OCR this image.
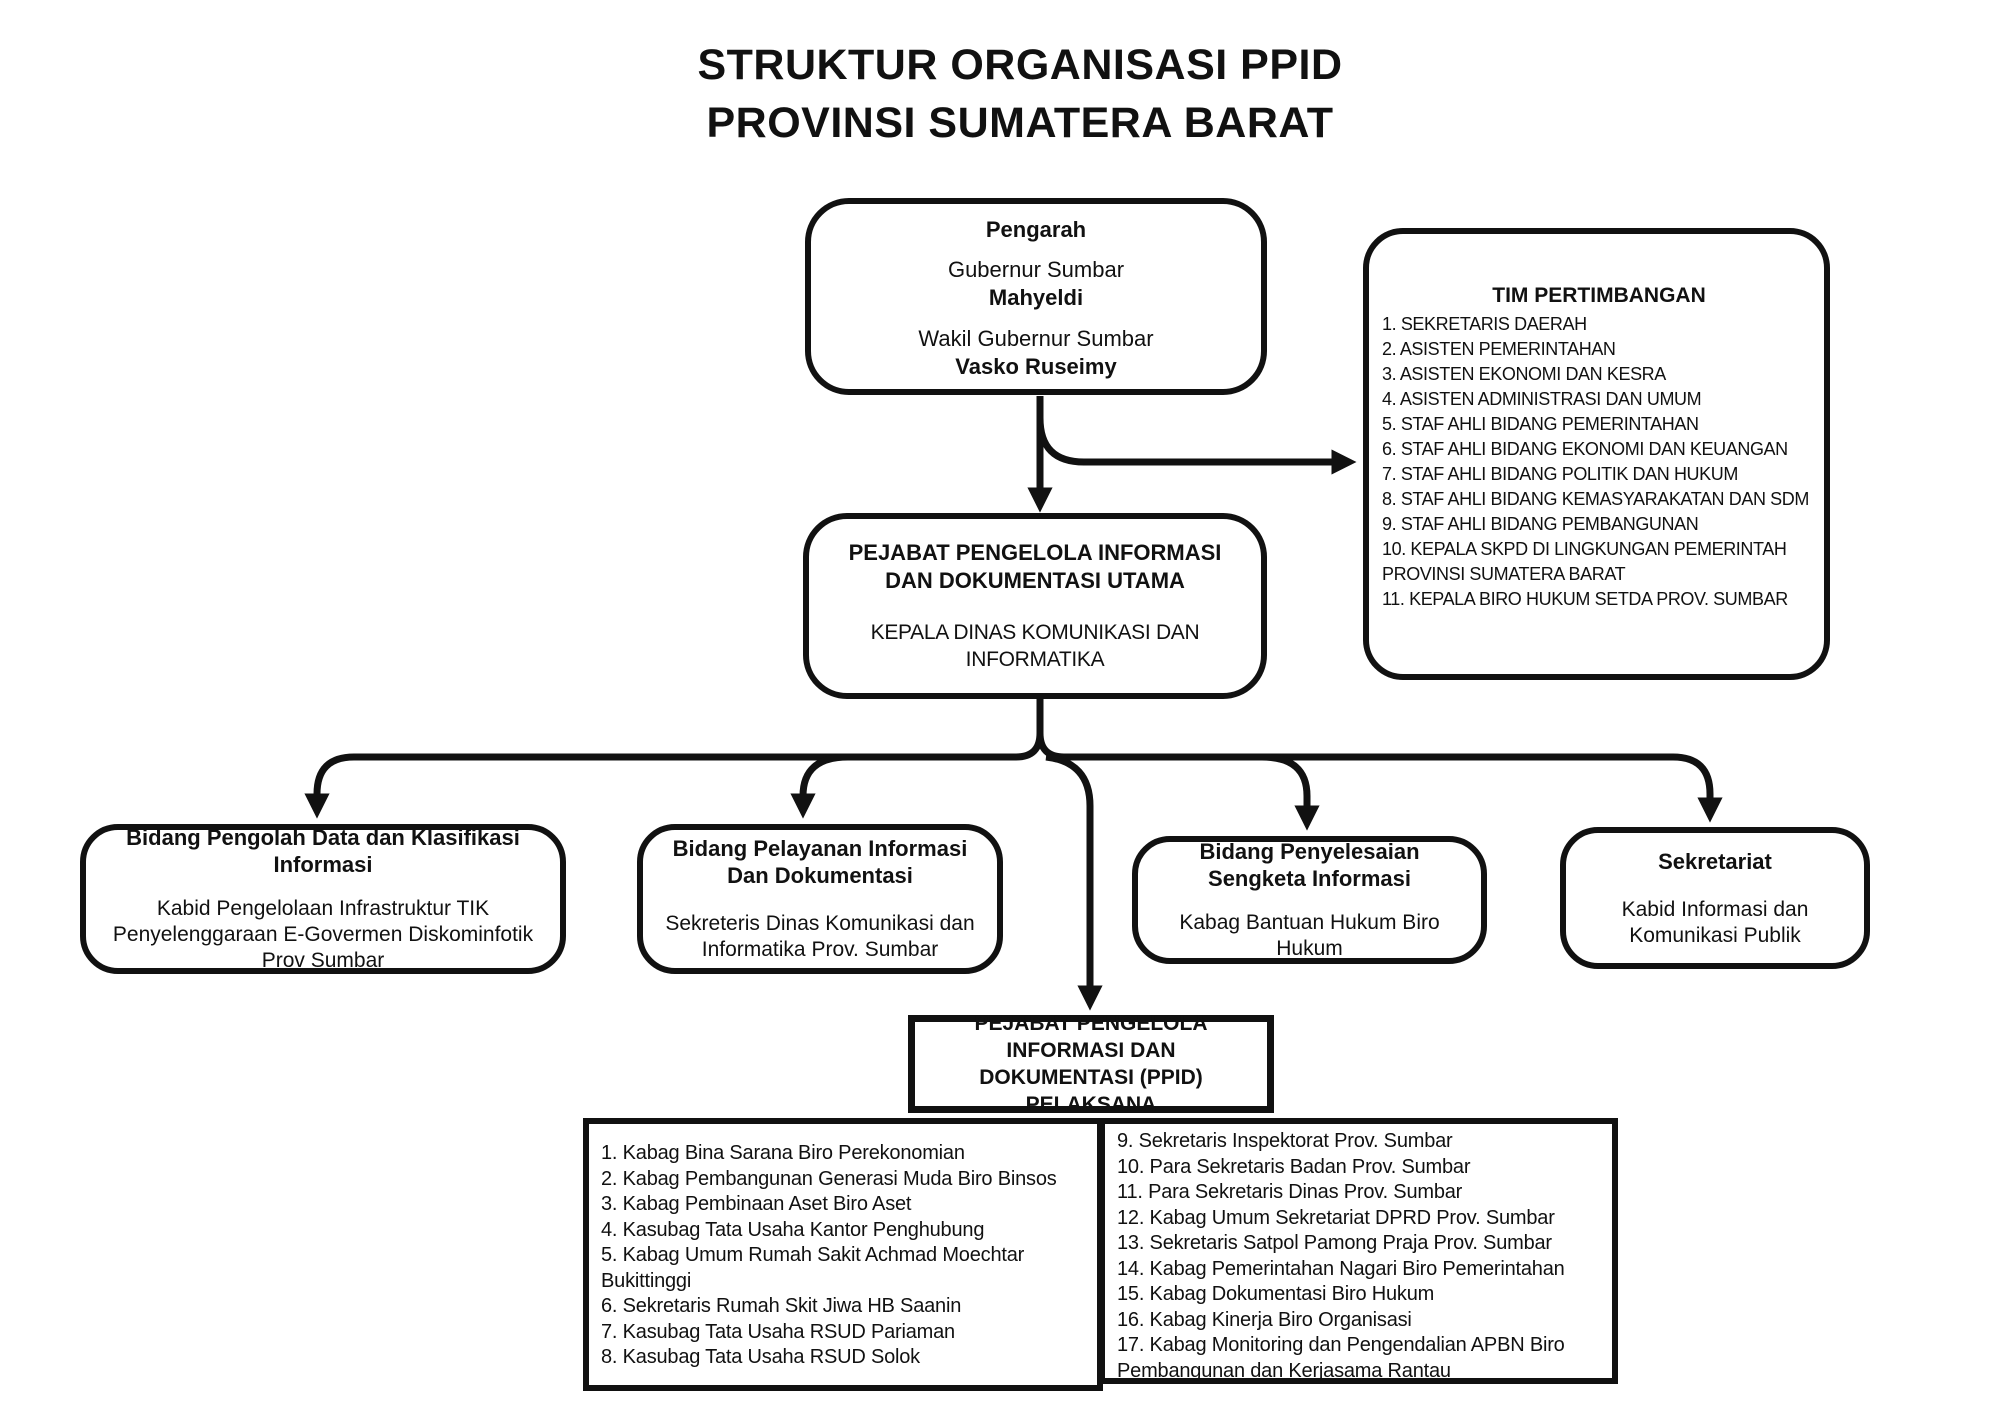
STRUKTUR ORGANISASI PPID
PROVINSI SUMATERA BARAT
Pengarah
Gubernur Sumbar
Mahyeldi
Wakil Gubernur Sumbar
Vasko Ruseimy
TIM PERTIMBANGAN
1. SEKRETARIS DAERAH
2. ASISTEN PEMERINTAHAN
3. ASISTEN EKONOMI DAN KESRA
4. ASISTEN ADMINISTRASI DAN UMUM
5. STAF AHLI BIDANG PEMERINTAHAN
6. STAF AHLI BIDANG EKONOMI DAN KEUANGAN
7. STAF AHLI BIDANG POLITIK DAN HUKUM
8. STAF AHLI BIDANG KEMASYARAKATAN DAN SDM
9. STAF AHLI BIDANG PEMBANGUNAN
10. KEPALA SKPD DI LINGKUNGAN PEMERINTAH PROVINSI SUMATERA BARAT
11. KEPALA BIRO HUKUM SETDA PROV. SUMBAR
PEJABAT PENGELOLA INFORMASI DAN DOKUMENTASI UTAMA
KEPALA DINAS KOMUNIKASI DAN INFORMATIKA
Bidang Pengolah Data dan Klasifikasi Informasi
Kabid Pengelolaan Infrastruktur TIK Penyelenggaraan E-Govermen Diskominfotik Prov Sumbar
Bidang Pelayanan Informasi Dan Dokumentasi
Sekreteris Dinas Komunikasi dan Informatika Prov. Sumbar
Bidang Penyelesaian Sengketa Informasi
Kabag Bantuan Hukum Biro Hukum
Sekretariat
Kabid Informasi dan Komunikasi Publik
PEJABAT PENGELOLA INFORMASI DAN DOKUMENTASI (PPID) PELAKSANA
1. Kabag Bina Sarana Biro Perekonomian
2. Kabag Pembangunan Generasi Muda Biro Binsos
3. Kabag Pembinaan Aset Biro Aset
4. Kasubag Tata Usaha Kantor Penghubung
5. Kabag Umum Rumah Sakit Achmad Moechtar Bukittinggi
6. Sekretaris Rumah Skit Jiwa HB Saanin
7. Kasubag Tata Usaha RSUD Pariaman
8. Kasubag Tata Usaha RSUD Solok
9. Sekretaris Inspektorat Prov. Sumbar
10. Para Sekretaris Badan Prov. Sumbar
11. Para Sekretaris Dinas Prov. Sumbar
12. Kabag Umum Sekretariat DPRD Prov. Sumbar
13. Sekretaris Satpol Pamong Praja Prov. Sumbar
14. Kabag Pemerintahan Nagari Biro Pemerintahan
15. Kabag Dokumentasi Biro Hukum
16. Kabag Kinerja Biro Organisasi
17. Kabag Monitoring dan Pengendalian APBN Biro Pembangunan dan Kerjasama Rantau
